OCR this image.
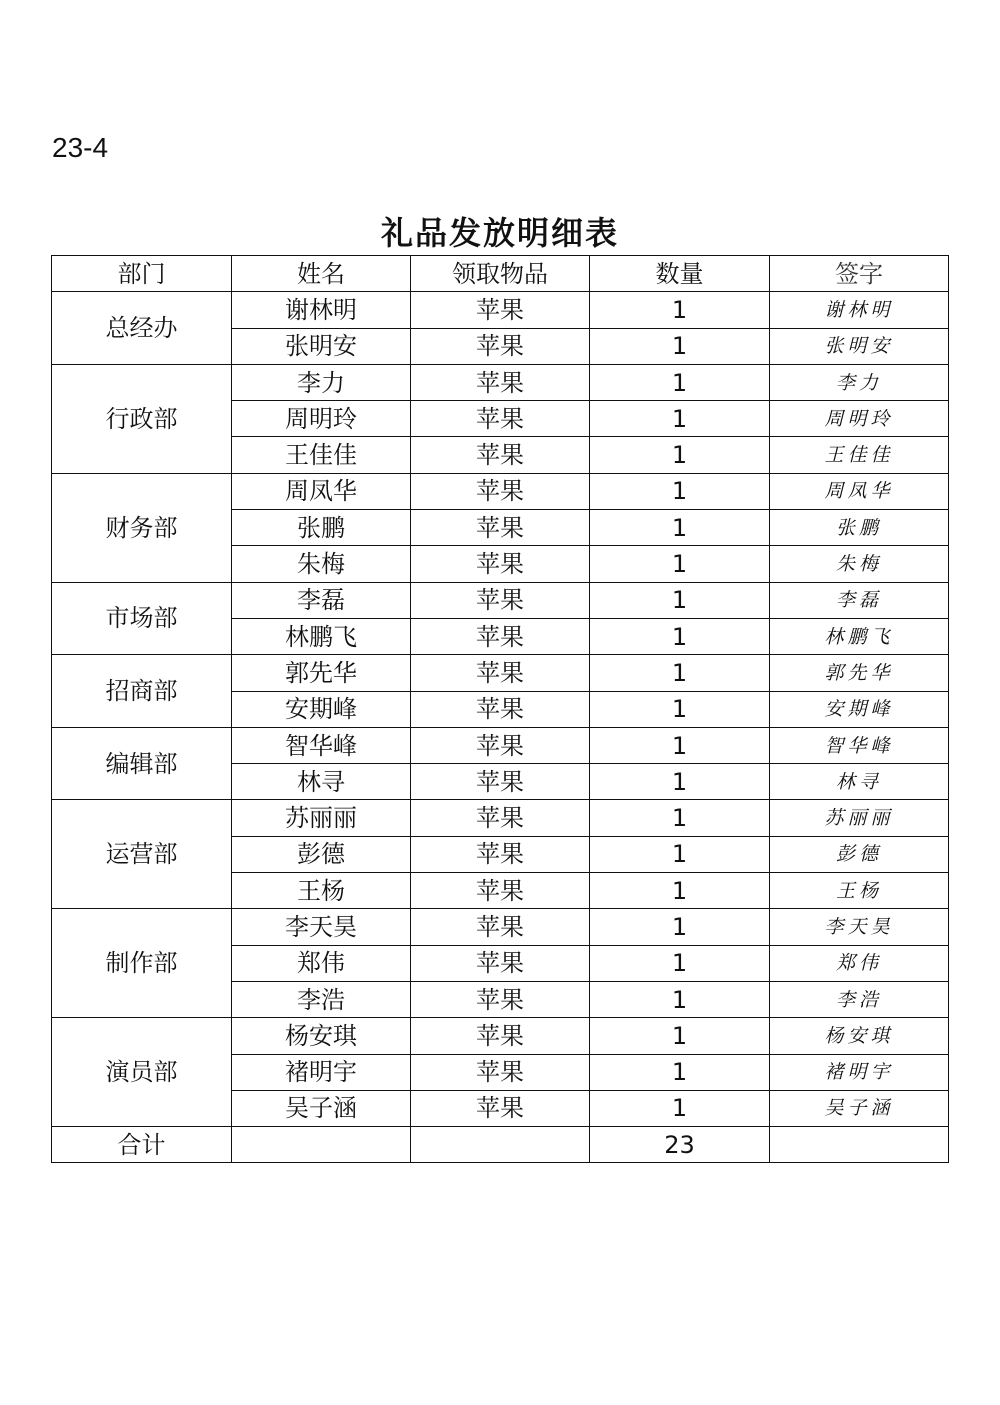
23-4
礼品发放明细表
部门	姓名	领取物品	数量	签字
总经办	谢林明	苹果	1	谢林明
	张明安	苹果	1	张明安
行政部	李力	苹果	1	李力
	周明玲	苹果	1	周明玲
	王佳佳	苹果	1	王佳佳
财务部	周凤华	苹果	1	周凤华
	张鹏	苹果	1	张鹏
	朱梅	苹果	1	朱梅
市场部	李磊	苹果	1	李磊
	林鹏飞	苹果	1	林鹏飞
招商部	郭先华	苹果	1	郭先华
	安期峰	苹果	1	安期峰
编辑部	智华峰	苹果	1	智华峰
	林寻	苹果	1	林寻
运营部	苏丽丽	苹果	1	苏丽丽
	彭德	苹果	1	彭德
	王杨	苹果	1	王杨
制作部	李天昊	苹果	1	李天昊
	郑伟	苹果	1	郑伟
	李浩	苹果	1	李浩
演员部	杨安琪	苹果	1	杨安琪
	褚明宇	苹果	1	褚明宇
	吴子涵	苹果	1	吴子涵
合计			23	
